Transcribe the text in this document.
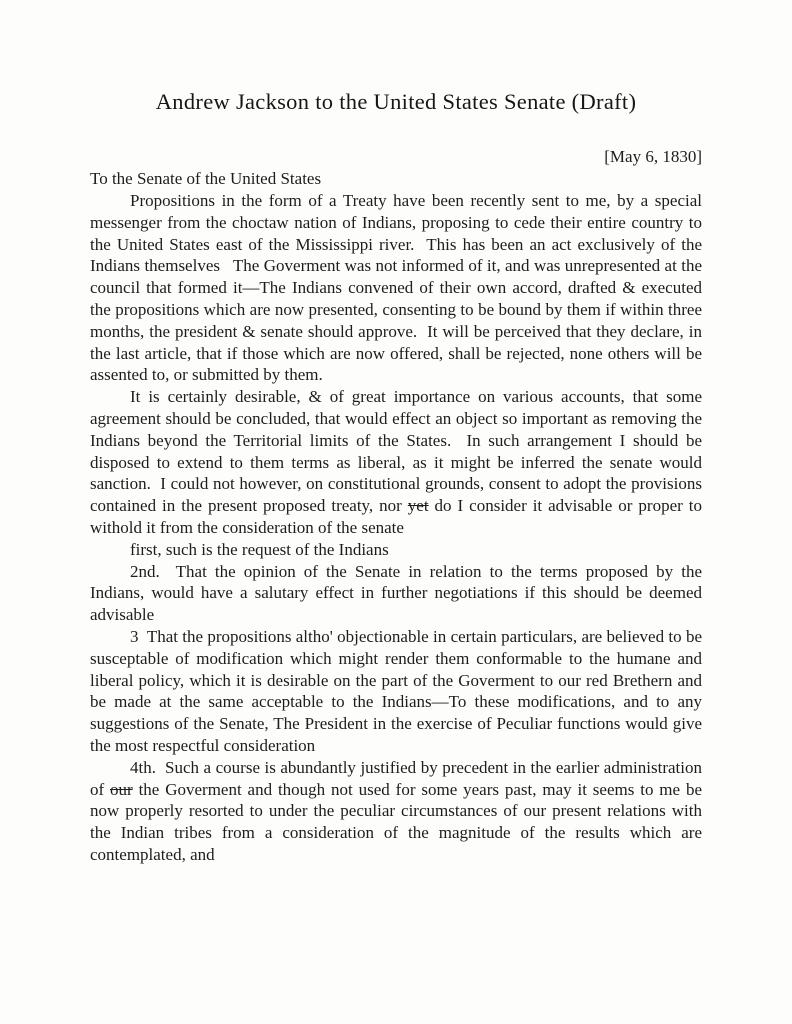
Andrew Jackson to the United States Senate (Draft)
[May 6, 1830]
To the Senate of the United States

Propositions in the form of a Treaty have been recently sent to me, by a special messenger from the choctaw nation of Indians, proposing to cede their entire country to the United States east of the Mississippi river.  This has been an act exclusively of the Indians themselves   The Goverment was not informed of it, and was unrepresented at the council that formed it—The Indians convened of their own accord, drafted & executed the propositions which are now presented, consenting to be bound by them if within three months, the president & senate should approve.  It will be perceived that they declare, in the last article, that if those which are now offered, shall be rejected, none others will be assented to, or submitted by them.

It is certainly desirable, & of great importance on various accounts, that some agreement should be concluded, that would effect an object so important as removing the Indians beyond the Territorial limits of the States.  In such arrangement I should be disposed to extend to them terms as liberal, as it might be inferred the senate would sanction.  I could not however, on constitutional grounds, consent to adopt the provisions contained in the present proposed treaty, nor yet do I consider it advisable or proper to withold it from the consideration of the senate

first, such is the request of the Indians

2nd.  That the opinion of the Senate in relation to the terms proposed by the Indians, would have a salutary effect in further negotiations if this should be deemed advisable

3  That the propositions altho' objectionable in certain particulars, are believed to be susceptable of modification which might render them conformable to the humane and liberal policy, which it is desirable on the part of the Goverment to our red Brethern and be made at the same acceptable to the Indians—To these modifications, and to any suggestions of the Senate, The President in the exercise of Peculiar functions would give the most respectful consideration

4th.  Such a course is abundantly justified by precedent in the earlier administration of our the Goverment and though not used for some years past, may it seems to me be now properly resorted to under the peculiar circumstances of our present relations with the Indian tribes from a consideration of the magnitude of the results which are contemplated, and
